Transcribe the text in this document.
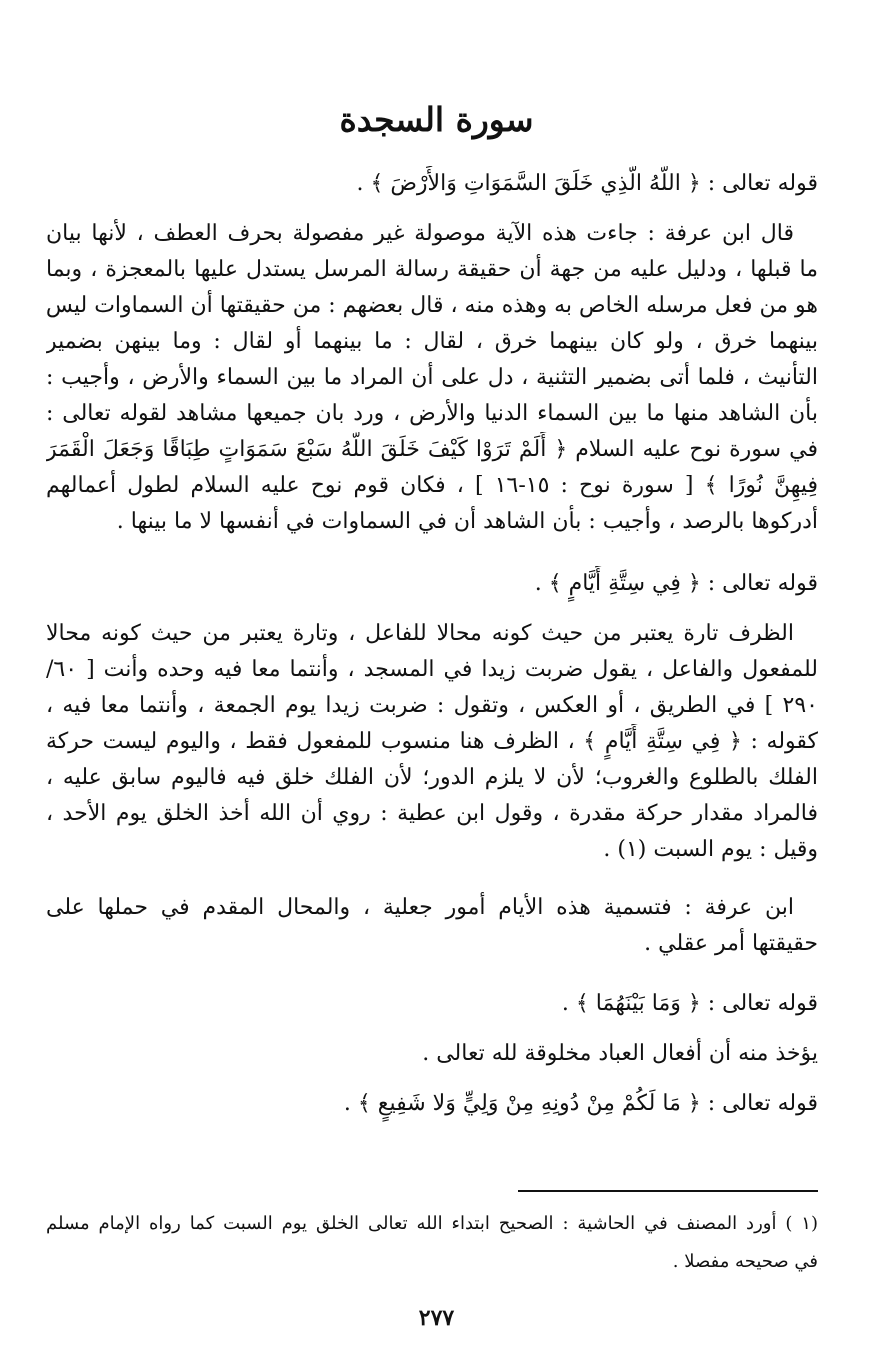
سورة السجدة
قوله تعالى : ﴿ اللَّهُ الَّذِي خَلَقَ السَّمَوَاتِ وَالأَرْضَ ﴾ .
قال ابن عرفة : جاءت هذه الآية موصولة غير مفصولة بحرف العطف ، لأنها بيان
ما قبلها ، ودليل عليه من جهة أن حقيقة رسالة المرسل يستدل عليها بالمعجزة ، وبما
هو من فعل مرسله الخاص به وهذه منه ، قال بعضهم : من حقيقتها أن السماوات ليس
بينهما خرق ، ولو كان بينهما خرق ، لقال : ما بينهما أو لقال : وما بينهن بضمير
التأنيث ، فلما أتى بضمير التثنية ، دل على أن المراد ما بين السماء والأرض ، وأجيب :
بأن الشاهد منها ما بين السماء الدنيا والأرض ، ورد بان جميعها مشاهد لقوله تعالى :
في سورة نوح عليه السلام ﴿ أَلَمْ تَرَوْا كَيْفَ خَلَقَ اللَّهُ سَبْعَ سَمَوَاتٍ طِبَاقًا وَجَعَلَ الْقَمَرَ
فِيهِنَّ نُورًا ﴾ [ سورة نوح : ١٥-١٦ ] ، فكان قوم نوح عليه السلام لطول أعمالهم
أدركوها بالرصد ، وأجيب : بأن الشاهد أن في السماوات في أنفسها لا ما بينها .
قوله تعالى : ﴿ فِي سِتَّةِ أَيَّامٍ ﴾ .
الظرف تارة يعتبر من حيث كونه محالا للفاعل ، وتارة يعتبر من حيث كونه محالا
للمفعول والفاعل ، يقول ضربت زيدا في المسجد ، وأنتما معا فيه وحده وأنت [ ٦٠/
٢٩٠ ] في الطريق ، أو العكس ، وتقول : ضربت زيدا يوم الجمعة ، وأنتما معا فيه ،
كقوله : ﴿ فِي سِتَّةِ أَيَّامٍ ﴾ ، الظرف هنا منسوب للمفعول فقط ، واليوم ليست حركة
الفلك بالطلوع والغروب؛ لأن لا يلزم الدور؛ لأن الفلك خلق فيه فاليوم سابق عليه ،
فالمراد مقدار حركة مقدرة ، وقول ابن عطية : روي أن الله أخذ الخلق يوم الأحد ،
وقيل : يوم السبت (١) .
ابن عرفة : فتسمية هذه الأيام أمور جعلية ، والمحال المقدم في حملها على
حقيقتها أمر عقلي .
قوله تعالى : ﴿ وَمَا بَيْنَهُمَا ﴾ .
يؤخذ منه أن أفعال العباد مخلوقة لله تعالى .
قوله تعالى : ﴿ مَا لَكُمْ مِنْ دُونِهِ مِنْ وَلِيٍّ وَلا شَفِيعٍ ﴾ .
(١ ) أورد المصنف في الحاشية : الصحيح ابتداء الله تعالى الخلق يوم السبت كما رواه الإمام مسلم
في صحيحه مفصلا .
٢٧٧
